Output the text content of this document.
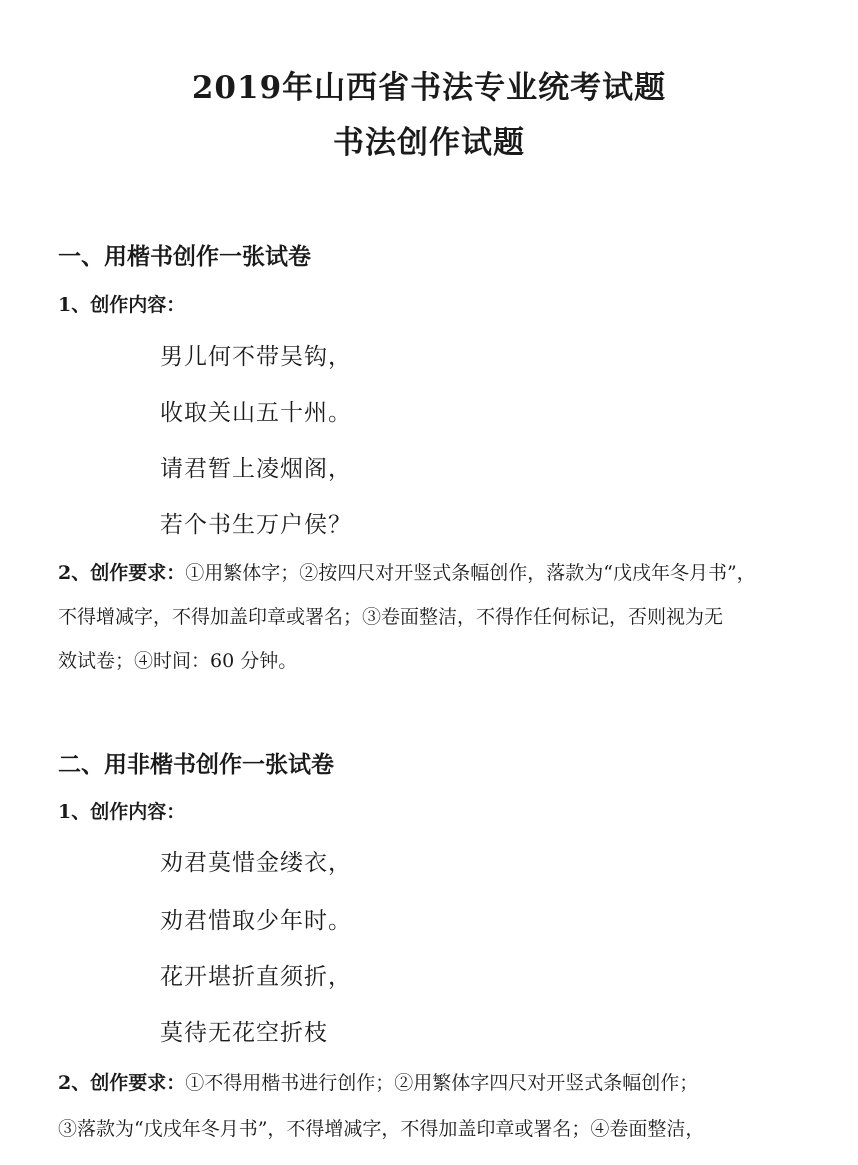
2019年山西省书法专业统考试题
书法创作试题
一、用楷书创作一张试卷
1、创作内容：
男儿何不带吴钩，
收取关山五十州。
请君暂上凌烟阁，
若个书生万户侯？
2、创作要求：①用繁体字；②按四尺对开竖式条幅创作，落款为“戊戌年冬月书”，
不得增减字，不得加盖印章或署名；③卷面整洁，不得作任何标记，否则视为无
效试卷；④时间：60 分钟。
二、用非楷书创作一张试卷
1、创作内容：
劝君莫惜金缕衣，
劝君惜取少年时。
花开堪折直须折，
莫待无花空折枝
2、创作要求：①不得用楷书进行创作；②用繁体字四尺对开竖式条幅创作；
③落款为“戊戌年冬月书”，不得增减字，不得加盖印章或署名；④卷面整洁，
